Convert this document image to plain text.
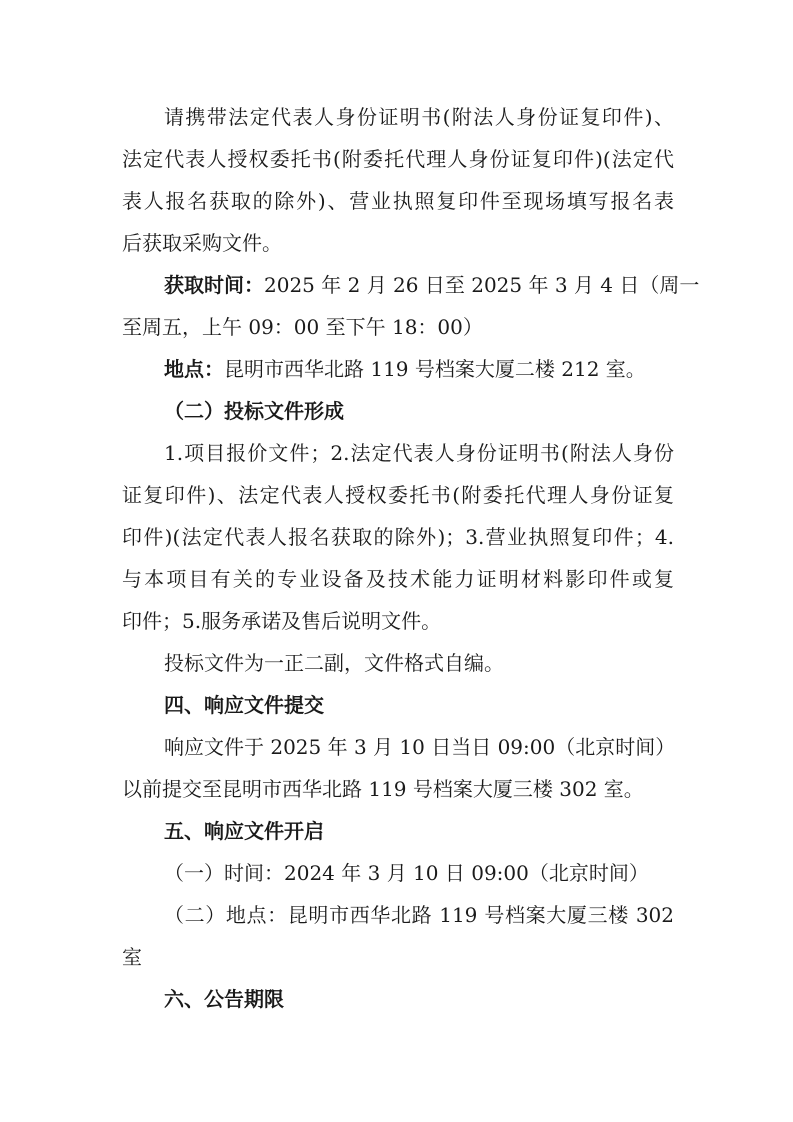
请携带法定代表人身份证明书(附法人身份证复印件)、
法定代表人授权委托书(附委托代理人身份证复印件)(法定代
表人报名获取的除外)、营业执照复印件至现场填写报名表
后获取采购文件。
获取时间：2025 年 2 月 26 日至 2025 年 3 月 4 日（周一
至周五，上午 09：00 至下午 18：00）
地点：昆明市西华北路 119 号档案大厦二楼 212 室。
（二）投标文件形成
1.项目报价文件；2.法定代表人身份证明书(附法人身份
证复印件)、法定代表人授权委托书(附委托代理人身份证复
印件)(法定代表人报名获取的除外)；3.营业执照复印件；4.
与本项目有关的专业设备及技术能力证明材料影印件或复
印件；5.服务承诺及售后说明文件。
投标文件为一正二副，文件格式自编。
四、响应文件提交
响应文件于 2025 年 3 月 10 日当日 09:00（北京时间）
以前提交至昆明市西华北路 119 号档案大厦三楼 302 室。
五、响应文件开启
（一）时间：2024 年 3 月 10 日 09:00（北京时间）
（二）地点：昆明市西华北路 119 号档案大厦三楼 302
室
六、公告期限
